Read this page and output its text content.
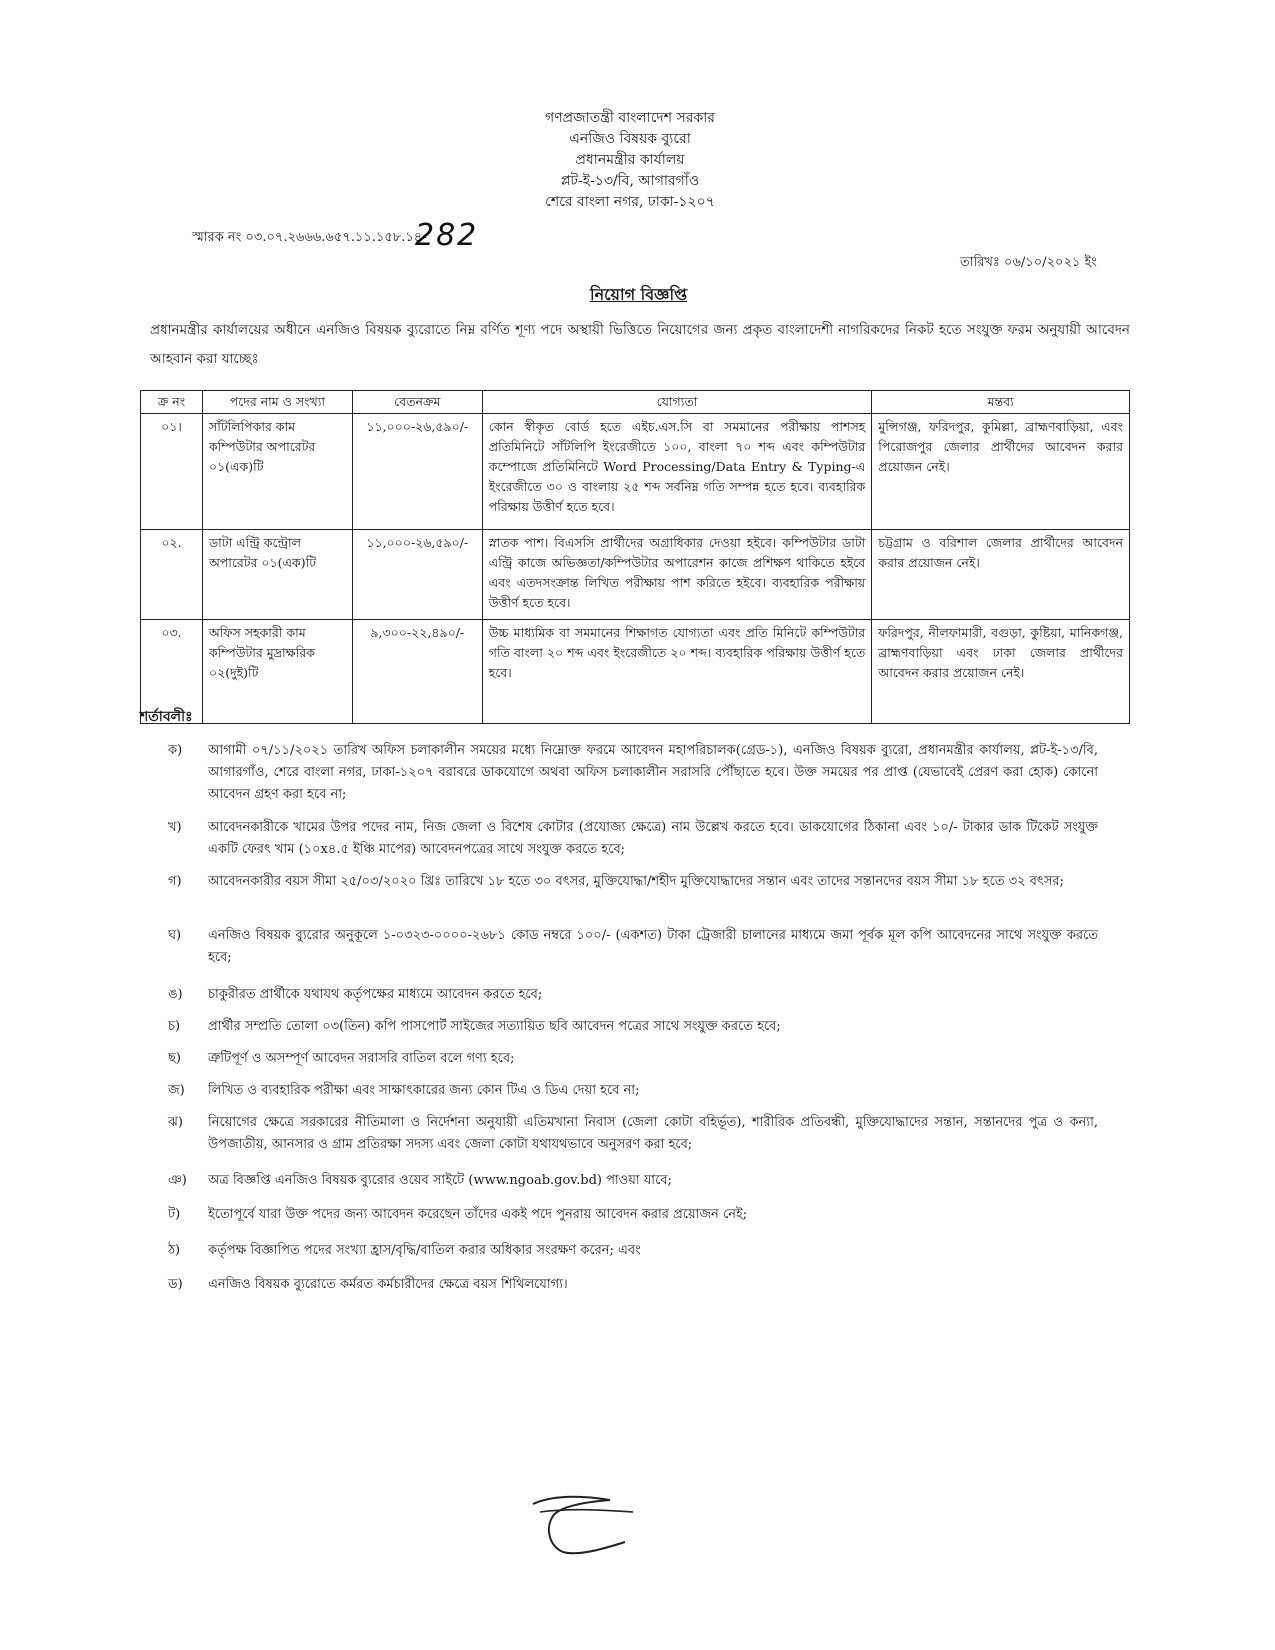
গণপ্রজাতন্ত্রী বাংলাদেশ সরকার
এনজিও বিষয়ক ব্যুরো
প্রধানমন্ত্রীর কার্যালয়
প্লট-ই-১৩/বি, আগারগাঁও
শেরে বাংলা নগর, ঢাকা-১২০৭
স্মারক নং ০৩.০৭.২৬৬৬.৬৫৭.১১.১৫৮.১৪-
282
তারিখঃ ০৬/১০/২০২১ ইং
নিয়োগ বিজ্ঞপ্তি
প্রধানমন্ত্রীর কার্যালয়ের অধীনে এনজিও বিষয়ক ব্যুরোতে নিম্ন বর্ণিত শূণ্য পদে অস্থায়ী ভিত্তিতে নিয়োগের জন্য প্রকৃত বাংলাদেশী নাগরিকদের নিকট হতে সংযুক্ত ফরম অনুযায়ী আবেদন আহবান করা যাচ্ছেঃ
ক্র নং	পদের নাম ও সংখ্যা	বেতনক্রম	যোগ্যতা	মন্তব্য
০১।	সাঁটলিপিকার কাম কম্পিউটার অপারেটর ০১(এক)টি	১১,০০০-২৬,৫৯০/-	কোন স্বীকৃত বোর্ড হতে এইচ.এস.সি বা সমমানের পরীক্ষায় পাশসহ প্রতিমিনিটে সাঁটলিপি ইংরেজীতে ১০০, বাংলা ৭০ শব্দ এবং কম্পিউটার কম্পোজে প্রতিমিনিটে Word Processing/Data Entry & Typing-এ ইংরেজীতে ৩০ ও বাংলায় ২৫ শব্দ সর্বনিম্ন গতি সম্পন্ন হতে হবে। ব্যবহারিক পরিক্ষায় উত্তীর্ণ হতে হবে।	মুন্সিগঞ্জ, ফরিদপুর, কুমিল্লা, ব্রাহ্মণবাড়িয়া, এবং পিরোজপুর জেলার প্রার্থীদের আবেদন করার প্রয়োজন নেই।
০২.	ডাটা এন্ট্রি কন্ট্রোল অপারেটর ০১(এক)টি	১১,০০০-২৬,৫৯০/-	স্নাতক পাশ। বিএসসি প্রার্থীদের অগ্রাধিকার দেওয়া হইবে। কম্পিউটার ডাটা এন্ট্রি কাজে অভিজ্ঞতা/কম্পিউটার অপারেশন কাজে প্রশিক্ষণ থাকিতে হইবে এবং এতদসংক্রান্ত লিখিত পরীক্ষায় পাশ করিতে হইবে। ব্যবহারিক পরীক্ষায় উত্তীর্ণ হতে হবে।	চট্টগ্রাম ও বরিশাল জেলার প্রার্থীদের আবেদন করার প্রয়োজন নেই।
০৩.	অফিস সহকারী কাম কম্পিউটার মুদ্রাক্ষরিক ০২(দুই)টি	৯,৩০০-২২,৪৯০/-	উচ্চ মাধ্যমিক বা সমমানের শিক্ষাগত যোগ্যতা এবং প্রতি মিনিটে কম্পিউটার গতি বাংলা ২০ শব্দ এবং ইংরেজীতে ২০ শব্দ। ব্যবহারিক পরিক্ষায় উত্তীর্ণ হতে হবে।	ফরিদপুর, নীলফামারী, বগুড়া, কুষ্টিয়া, মানিকগঞ্জ, ব্রাহ্মণবাড়িয়া এবং ঢাকা জেলার প্রার্থীদের আবেদন করার প্রয়োজন নেই।
শর্তাবলীঃ
ক)	আগামী ০৭/১১/২০২১ তারিখ অফিস চলাকালীন সময়ের মধ্যে নিম্নোক্ত ফরমে আবেদন মহাপরিচালক(গ্রেড-১), এনজিও বিষয়ক ব্যুরো, প্রধানমন্ত্রীর কার্যালয়, প্লট-ই-১৩/বি, আগারগাঁও, শেরে বাংলা নগর, ঢাকা-১২০৭ বরাবরে ডাকযোগে অথবা অফিস চলাকালীন সরাসরি পৌঁছাতে হবে। উক্ত সময়ের পর প্রাপ্ত (যেভাবেই প্রেরণ করা হোক) কোনো আবেদন গ্রহণ করা হবে না;
খ)	আবেদনকারীকে খামের উপর পদের নাম, নিজ জেলা ও বিশেষ কোটার (প্রযোজ্য ক্ষেত্রে) নাম উল্লেখ করতে হবে। ডাকযোগের ঠিকানা এবং ১০/- টাকার ডাক টিকেট সংযুক্ত একটি ফেরৎ খাম (১০x৪.৫ ইঞ্চি মাপের) আবেদনপত্রের সাথে সংযুক্ত করতে হবে;
গ)	আবেদনকারীর বয়স সীমা ২৫/০৩/২০২০ খ্রিঃ তারিখে ১৮ হতে ৩০ বৎসর, মুক্তিযোদ্ধা/শহীদ মুক্তিযোদ্ধাদের সন্তান এবং তাদের সন্তানদের বয়স সীমা ১৮ হতে ৩২ বৎসর;
ঘ)	এনজিও বিষয়ক ব্যুরোর অনুকূলে ১-০৩২৩-০০০০-২৬৮১ কোড নম্বরে ১০০/- (একশত) টাকা ট্রেজারী চালানের মাধ্যমে জমা পূর্বক মূল কপি আবেদনের সাথে সংযুক্ত করতে হবে;
ঙ)	চাকুরীরত প্রার্থীকে যথাযথ কর্তৃপক্ষের মাধ্যমে আবেদন করতে হবে;
চ)	প্রার্থীর সম্প্রতি তোলা ০৩(তিন) কপি পাসপোর্ট সাইজের সত্যায়িত ছবি আবেদন পত্রের সাথে সংযুক্ত করতে হবে;
ছ)	ত্রুটিপূর্ণ ও অসম্পূর্ণ আবেদন সরাসরি বাতিল বলে গণ্য হবে;
জ)	লিখিত ও ব্যবহারিক পরীক্ষা এবং সাক্ষাৎকারের জন্য কোন টিএ ও ডিএ দেয়া হবে না;
ঝ)	নিয়োগের ক্ষেত্রে সরকারের নীতিমালা ও নির্দেশনা অনুযায়ী এতিমখানা নিবাস (জেলা কোটা বহির্ভূত), শারীরিক প্রতিবন্ধী, মুক্তিযোদ্ধাদের সন্তান, সন্তানদের পুত্র ও কন্যা, উপজাতীয়, আনসার ও গ্রাম প্রতিরক্ষা সদস্য এবং জেলা কোটা যথাযথভাবে অনুসরণ করা হবে;
ঞ)	অত্র বিজ্ঞপ্তি এনজিও বিষয়ক ব্যুরোর ওয়েব সাইটে (www.ngoab.gov.bd) পাওয়া যাবে;
ট)	ইতোপূর্বে যারা উক্ত পদের জন্য আবেদন করেছেন তাঁদের একই পদে পুনরায় আবেদন করার প্রয়োজন নেই;
ঠ)	কর্তৃপক্ষ বিজ্ঞাপিত পদের সংখ্যা হ্রাস/বৃদ্ধি/বাতিল করার অধিকার সংরক্ষণ করেন; এবং
ড)	এনজিও বিষয়ক ব্যুরোতে কর্মরত কর্মচারীদের ক্ষেত্রে বয়স শিথিলযোগ্য।
